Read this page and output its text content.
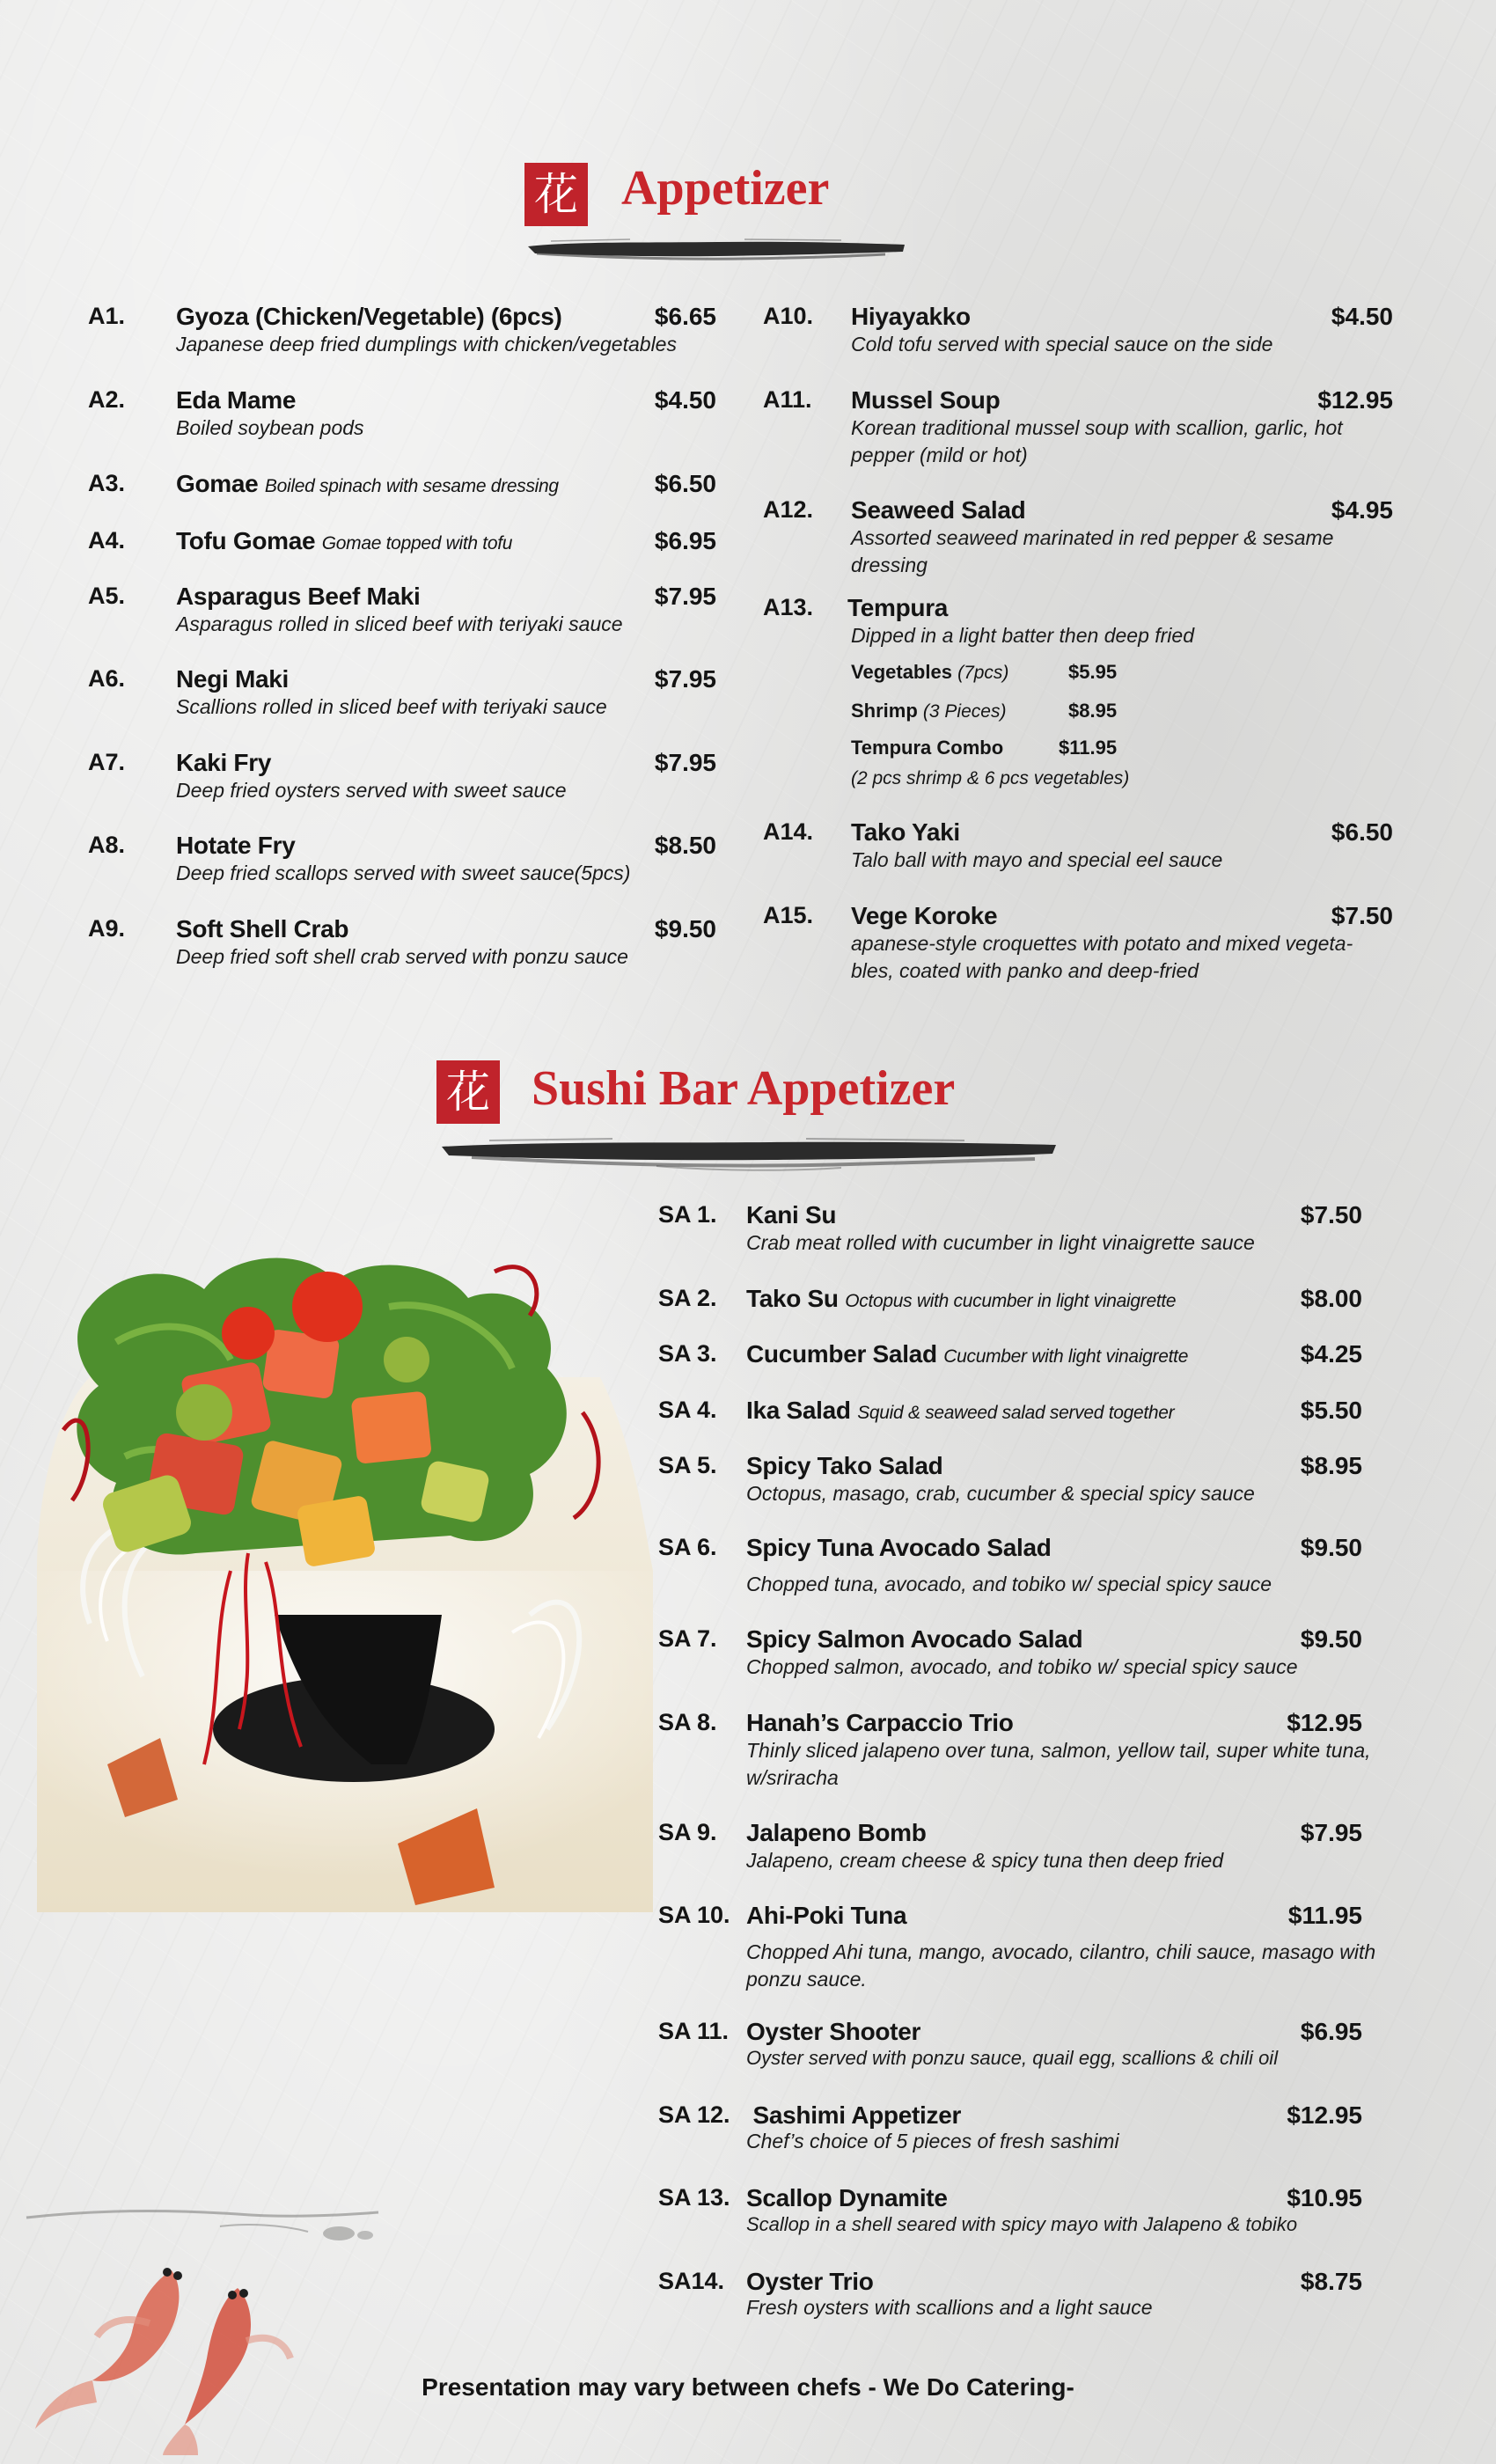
花 Appetizer
A1. Gyoza (Chicken/Vegetable) (6pcs)	$6.65
Japanese deep fried dumplings with chicken/vegetables
A2. Eda Mame	$4.50
Boiled soybean pods
A3. Gomae Boiled spinach with sesame dressing	$6.50
A4. Tofu Gomae Gomae topped with tofu	$6.95
A5. Asparagus Beef Maki	$7.95
Asparagus rolled in sliced beef with teriyaki sauce
A6. Negi Maki	$7.95
Scallions rolled in sliced beef with teriyaki sauce
A7. Kaki Fry	$7.95
Deep fried oysters served with sweet sauce
A8. Hotate Fry	$8.50
Deep fried scallops served with sweet sauce(5pcs)
A9. Soft Shell Crab	$9.50
Deep fried soft shell crab served with ponzu sauce
A10. Hiyayakko	$4.50
Cold tofu served with special sauce on the side
A11. Mussel Soup	$12.95
Korean traditional mussel soup with scallion, garlic, hot pepper (mild or hot)
A12. Seaweed Salad	$4.95
Assorted seaweed marinated in red pepper & sesame dressing
A13. Tempura
Dipped in a light batter then deep fried
Vegetables (7pcs)	$5.95
Shrimp (3 Pieces)	$8.95
Tempura Combo	$11.95
(2 pcs shrimp & 6 pcs vegetables)
A14. Tako Yaki	$6.50
Talo ball with mayo and special eel sauce
A15. Vege Koroke	$7.50
apanese-style croquettes with potato and mixed vegeta-bles, coated with panko and deep-fried
花 Sushi Bar Appetizer
SA 1. Kani Su	$7.50
Crab meat rolled with cucumber in light vinaigrette sauce
SA 2. Tako Su Octopus with cucumber in light vinaigrette	$8.00
SA 3. Cucumber Salad Cucumber with light vinaigrette	$4.25
SA 4. Ika Salad Squid & seaweed salad served together	$5.50
SA 5. Spicy Tako Salad	$8.95
Octopus, masago, crab, cucumber & special spicy sauce
SA 6. Spicy Tuna Avocado Salad	$9.50
Chopped tuna, avocado, and tobiko w/ special spicy sauce
SA 7. Spicy Salmon Avocado Salad	$9.50
Chopped salmon, avocado, and tobiko w/ special spicy sauce
SA 8. Hanah’s Carpaccio Trio	$12.95
Thinly sliced jalapeno over tuna, salmon, yellow tail, super white tuna, w/sriracha
SA 9. Jalapeno Bomb	$7.95
Jalapeno, cream cheese & spicy tuna then deep fried
SA 10. Ahi-Poki Tuna	$11.95
Chopped Ahi tuna, mango, avocado, cilantro, chili sauce, masago with ponzu sauce.
SA 11. Oyster Shooter	$6.95
Oyster served with ponzu sauce, quail egg, scallions & chili oil
SA 12. Sashimi Appetizer	$12.95
Chef’s choice of 5 pieces of fresh sashimi
SA 13. Scallop Dynamite	$10.95
Scallop in a shell seared with spicy mayo with Jalapeno & tobiko
SA14. Oyster Trio	$8.75
Fresh oysters with scallions and a light sauce
Presentation may vary between chefs - We Do Catering-
